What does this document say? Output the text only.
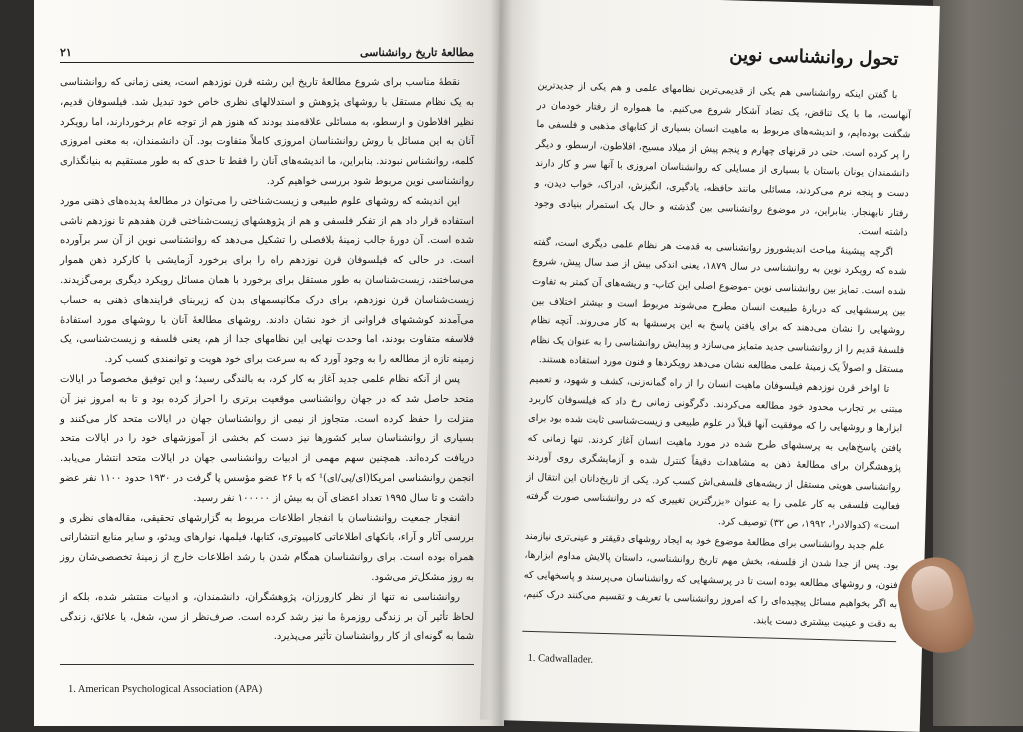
مطالعهٔ تاریخ روانشناسی
۲۱

نقطهٔ مناسب برای شروع مطالعهٔ تاریخ این رشته قرن نوزدهم است، یعنی زمانی که روانشناسی به یک نظام مستقل با روشهای پژوهش و استدلالهای نظری خاص خود تبدیل شد. فیلسوفان قدیم، نظیر افلاطون و ارسطو، به مسائلی علاقه‌مند بودند که هنوز هم از توجه عام برخوردارند، اما رویکرد آنان به این مسائل با روش روانشناسان امروزی کاملاً متفاوت بود. آن دانشمندان، به معنی امروزی کلمه، روانشناس نبودند. بنابراین، ما اندیشه‌های آنان را فقط تا حدی که به طور مستقیم به بنیانگذاری روانشناسی نوین مربوط شود بررسی خواهیم کرد.

این اندیشه که روشهای علوم طبیعی و زیست‌شناختی را می‌توان در مطالعهٔ پدیده‌های ذهنی مورد استفاده قرار داد هم از تفکر فلسفی و هم از پژوهشهای زیست‌شناختی قرن هفدهم تا نوزدهم ناشی شده است. آن دورهٔ جالب زمینهٔ بلافصلی را تشکیل می‌دهد که روانشناسی نوین از آن سر برآورده است. در حالی که فیلسوفان قرن نوزدهم راه را برای برخورد آزمایشی با کارکرد ذهن هموار می‌ساختند، زیست‌شناسان به طور مستقل برای برخورد با همان مسائل رویکرد دیگری برمی‌گزیدند. زیست‌شناسان قرن نوزدهم، برای درک مکانیسمهای بدن که زیربنای فرایندهای ذهنی به حساب می‌آمدند کوششهای فراوانی از خود نشان دادند. روشهای مطالعهٔ آنان با روشهای مورد استفادهٔ فلاسفه متفاوت بودند، اما وحدت نهایی این نظامهای جدا از هم، یعنی فلسفه و زیست‌شناسی، یک زمینه تازه از مطالعه را به وجود آورد که به سرعت برای خود هویت و توانمندی کسب کرد.

پس از آنکه نظام علمی جدید آغاز به کار کرد، به بالندگی رسید؛ و این توفیق مخصوصاً در ایالات متحد حاصل شد که در جهان روانشناسی موقعیت برتری را احراز کرده بود و تا به امروز نیز آن منزلت را حفظ کرده است. متجاوز از نیمی از روانشناسان جهان در ایالات متحد کار می‌کنند و بسیاری از روانشناسان سایر کشورها نیز دست کم بخشی از آموزشهای خود را در ایالات متحد دریافت کرده‌اند. همچنین سهم مهمی از ادبیات روانشناسی جهان در ایالات متحد انتشار می‌یابد. انجمن روانشناسی امریکا(ای/پی/ای)¹ که با ۲۶ عضو مؤسس پا گرفت در ۱۹۳۰ حدود ۱۱۰۰ نفر عضو داشت و تا سال ۱۹۹۵ تعداد اعضای آن به بیش از ۱۰۰۰۰۰ نفر رسید.

انفجار جمعیت روانشناسان با انفجار اطلاعات مربوط به گزارشهای تحقیقی، مقاله‌های نظری و بررسی آثار و آراء، بانکهای اطلاعاتی کامپیوتری، کتابها، فیلمها، نوارهای ویدئو، و سایر منابع انتشاراتی همراه بوده است. برای روانشناسان همگام شدن با رشد اطلاعات خارج از زمینهٔ تخصصی‌شان روز به روز مشکل‌تر می‌شود.

روانشناسی نه تنها از نظر کارورزان، پژوهشگران، دانشمندان، و ادبیات منتشر شده، بلکه از لحاظ تأثیر آن بر زندگی روزمرهٔ ما نیز رشد کرده است. صرف‌نظر از سن، شغل، یا علائق، زندگی شما به گونه‌ای از کار روانشناسان تأثیر می‌پذیرد.

1. American Psychological Association (APA)
تحول روانشناسی نوین

با گفتن اینکه روانشناسی هم یکی از قدیمی‌ترین نظامهای علمی و هم یکی از جدیدترین آنهاست، ما با یک تناقض، یک تضاد آشکار شروع می‌کنیم. ما همواره از رفتار خودمان در شگفت بوده‌ایم، و اندیشه‌های مربوط به ماهیت انسان بسیاری از کتابهای مذهبی و فلسفی ما را پر کرده است. حتی در قرنهای چهارم و پنجم پیش از میلاد مسیح، افلاطون، ارسطو، و دیگر دانشمندان یونان باستان با بسیاری از مسایلی که روانشناسان امروزی با آنها سر و کار دارند دست و پنجه نرم می‌کردند، مسائلی مانند حافظه، یادگیری، انگیزش، ادراک، خواب دیدن، و رفتار نابهنجار. بنابراین، در موضوع روانشناسی بین گذشته و حال یک استمرار بنیادی وجود داشته است.

اگرچه پیشینهٔ مباحث اندیشوروز روانشناسی به قدمت هر نظام علمی دیگری است، گفته شده که رویکرد نوین به روانشناسی در سال ۱۸۷۹، یعنی اندکی بیش از صد سال پیش، شروع شده است. تمایز بین روانشناسی نوین -موضوع اصلی این کتاب- و ریشه‌های آن کمتر به تفاوت بین پرسشهایی که دربارهٔ طبیعت انسان مطرح می‌شوند مربوط است و بیشتر اختلاف بین روشهایی را نشان می‌دهند که برای یافتن پاسخ به این پرسشها به کار می‌روند. آنچه نظام فلسفهٔ قدیم را از روانشناسی جدید متمایز می‌سازد و پیدایش روانشناسی را به عنوان یک نظام مستقل و اصولاً یک زمینهٔ علمی مطالعه نشان می‌دهد رویکردها و فنون مورد استفاده هستند.

تا اواخر قرن نوزدهم فیلسوفان ماهیت انسان را از راه گمانه‌زنی، کشف و شهود، و تعمیم مبتنی بر تجارب محدود خود مطالعه می‌کردند. دگرگونی زمانی رخ داد که فیلسوفان کاربرد ابزارها و روشهایی را که موفقیت آنها قبلاً در علوم طبیعی و زیست‌شناسی ثابت شده بود برای یافتن پاسخ‌هایی به پرسشهای طرح شده در مورد ماهیت انسان آغاز کردند. تنها زمانی که پژوهشگران برای مطالعهٔ ذهن به مشاهدات دقیقاً کنترل شده و آزمایشگری روی آوردند روانشناسی هویتی مستقل از ریشه‌های فلسفی‌اش کسب کرد. یکی از تاریخ‌دانان این انتقال از فعالیت فلسفی به کار علمی را به عنوان «بزرگترین تغییری که در روانشناسی صورت گرفته است» (کدوالادر¹، ۱۹۹۲، ص ۳۲) توصیف کرد.

علم جدید روانشناسی برای مطالعهٔ موضوع خود به ایجاد روشهای دقیقتر و عینی‌تری نیازمند بود. پس از جدا شدن از فلسفه، بخش مهم تاریخ روانشناسی، داستان پالایش مداوم ابزارها، فنون، و روشهای مطالعه بوده است تا در پرسشهایی که روانشناسان می‌پرسند و پاسخهایی که به اگر بخواهیم مسائل پیچیده‌ای را که امروز روانشناسی با تعریف و تقسیم می‌کنند درک کنیم، به دقت و عینیت بیشتری دست یابند.

1. Cadwallader.
